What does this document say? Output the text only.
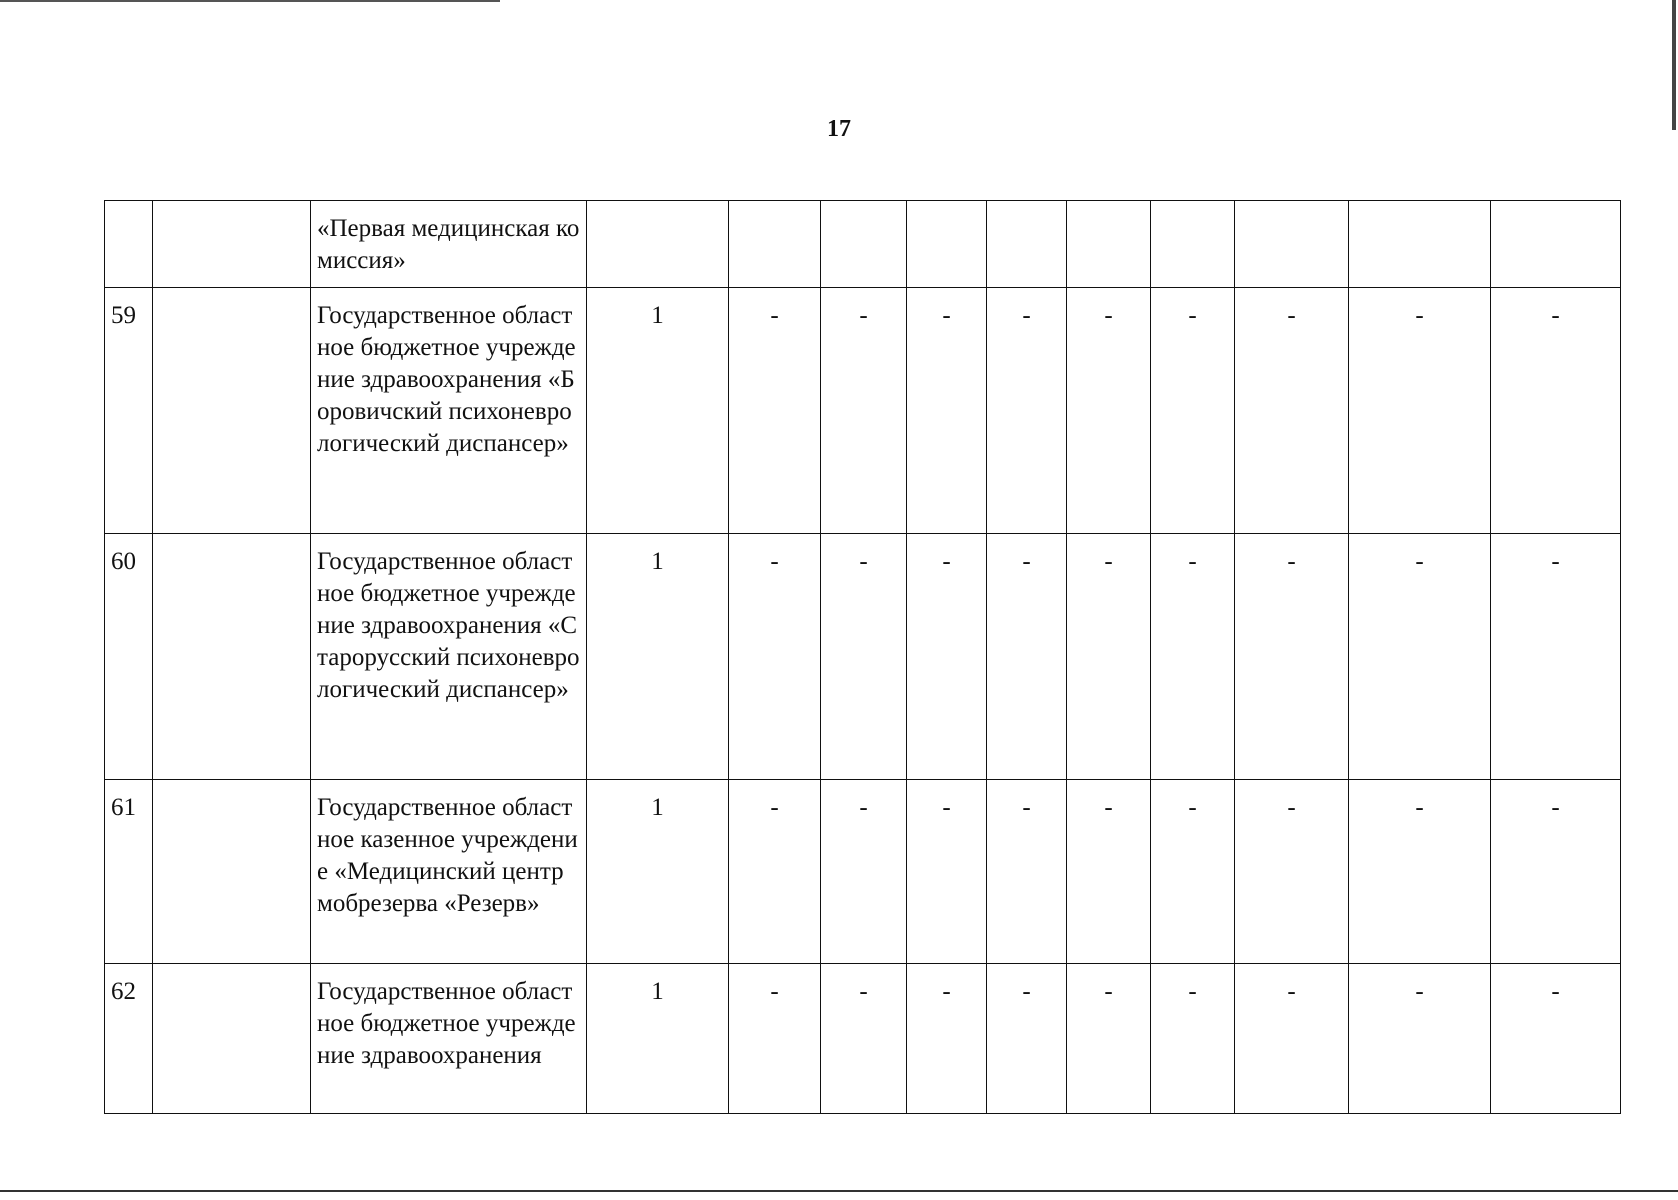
17
		«Первая медицинская комиссия»										
59		Государственное областное бюджетное учреждение здравоохранения «Боровичский психоневрологический диспансер»	1	-	-	-	-	-	-	-	-	-
60		Государственное областное бюджетное учреждение здравоохранения «Старорусский психоневрологический диспансер»	1	-	-	-	-	-	-	-	-	-
61		Государственное областное казенное учреждение «Медицинский центр мобрезерва «Резерв»	1	-	-	-	-	-	-	-	-	-
62		Государственное областное бюджетное учреждение здравоохранения	1	-	-	-	-	-	-	-	-	-
